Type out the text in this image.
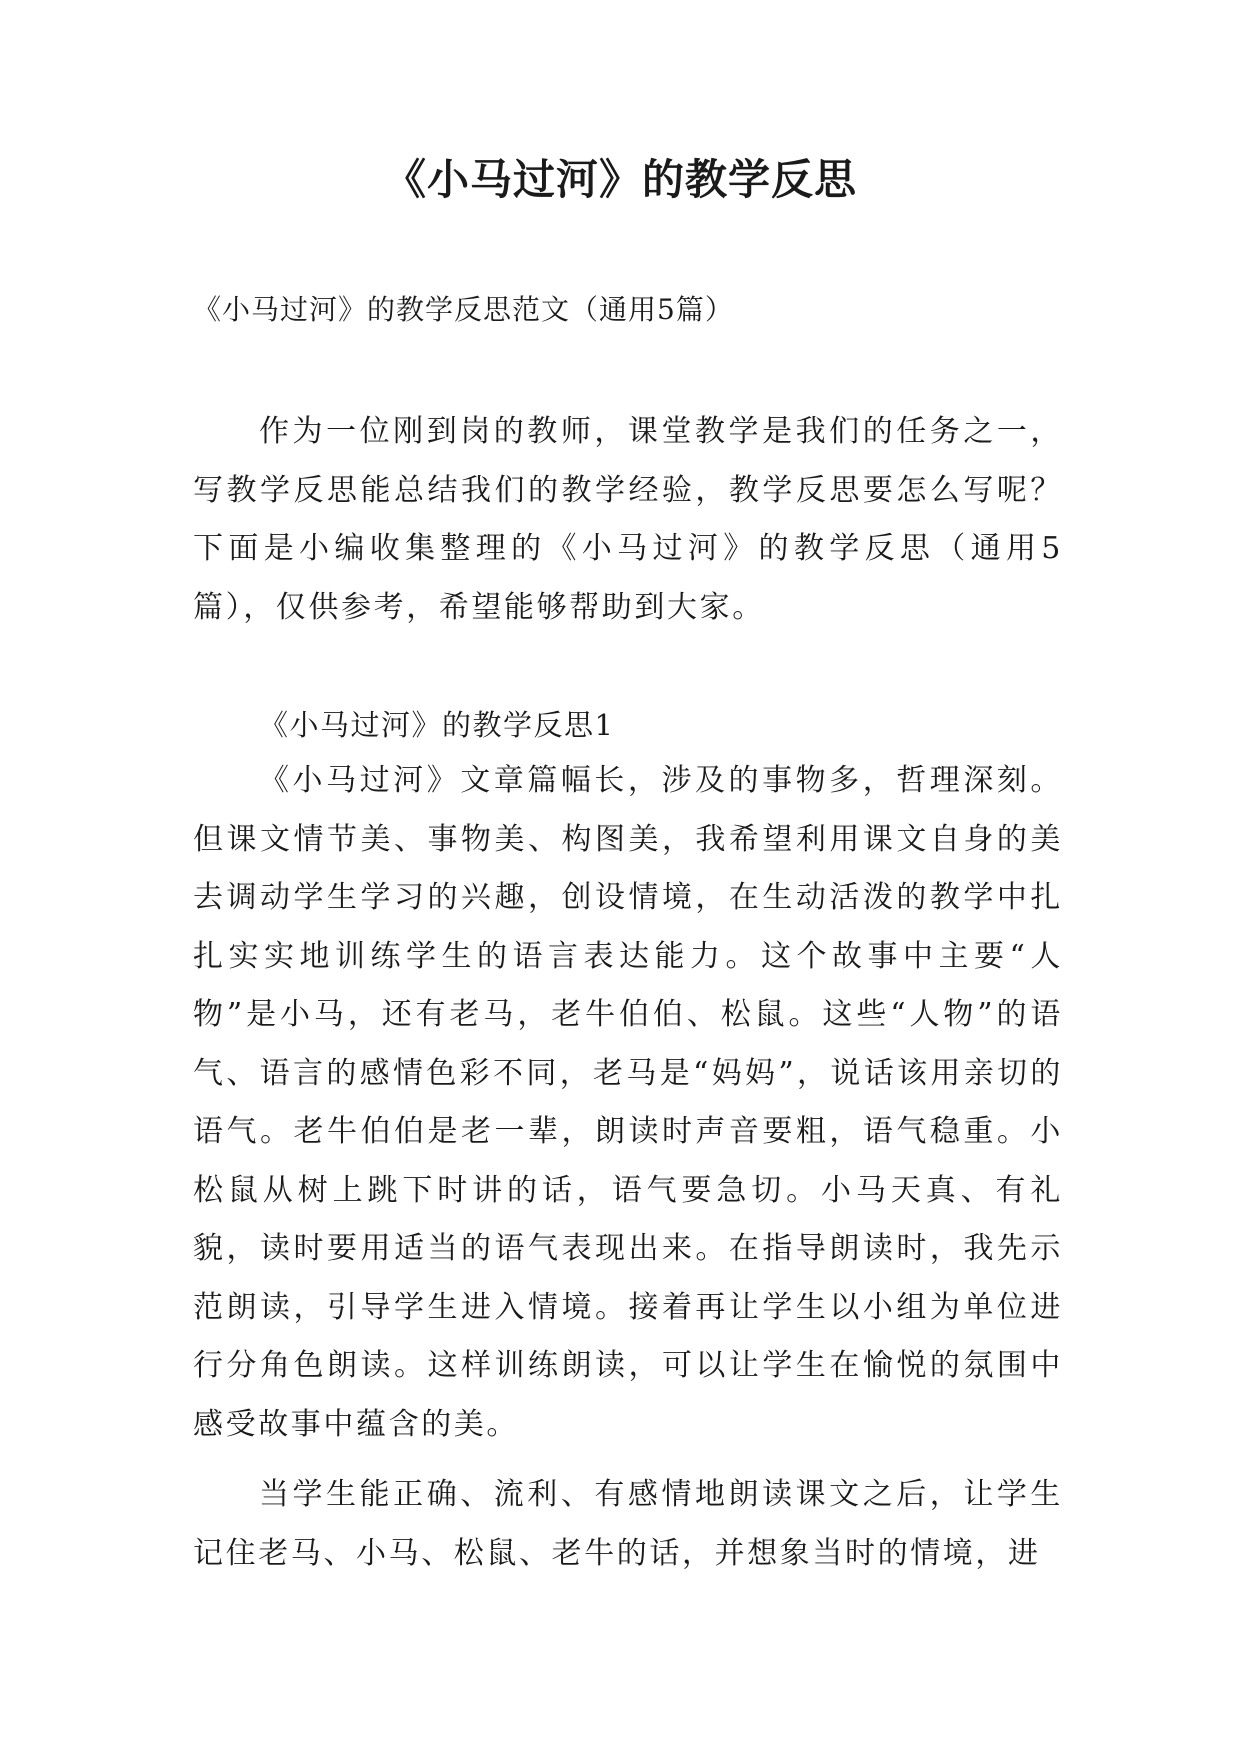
《小马过河》的教学反思

《小马过河》的教学反思范文（通用5篇）

作为一位刚到岗的教师，课堂教学是我们的任务之一，写教学反思能总结我们的教学经验，教学反思要怎么写呢？下面是小编收集整理的《小马过河》的教学反思（通用5篇），仅供参考，希望能够帮助到大家。

《小马过河》的教学反思1

《小马过河》文章篇幅长，涉及的事物多，哲理深刻。但课文情节美、事物美、构图美，我希望利用课文自身的美去调动学生学习的兴趣，创设情境，在生动活泼的教学中扎扎实实地训练学生的语言表达能力。这个故事中主要“人物”是小马，还有老马，老牛伯伯、松鼠。这些“人物”的语气、语言的感情色彩不同，老马是“妈妈”，说话该用亲切的语气。老牛伯伯是老一辈，朗读时声音要粗，语气稳重。小松鼠从树上跳下时讲的话，语气要急切。小马天真、有礼貌，读时要用适当的语气表现出来。在指导朗读时，我先示范朗读，引导学生进入情境。接着再让学生以小组为单位进行分角色朗读。这样训练朗读，可以让学生在愉悦的氛围中感受故事中蕴含的美。

当学生能正确、流利、有感情地朗读课文之后，让学生记住老马、小马、松鼠、老牛的话，并想象当时的情境，进
